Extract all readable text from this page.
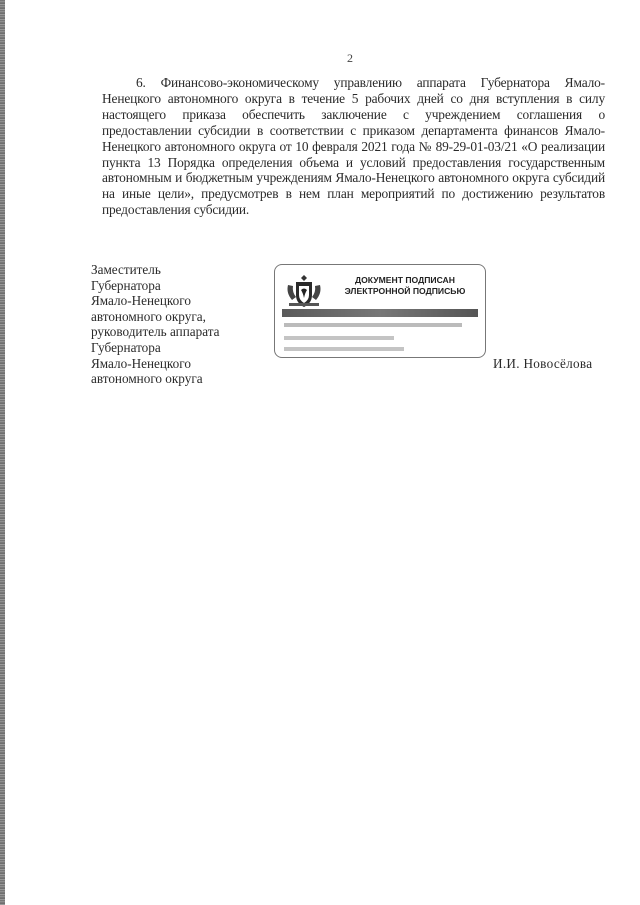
2
6. Финансово-экономическому управлению аппарата Губернатора Ямало-Ненецкого автономного округа в течение 5 рабочих дней со дня вступления в силу настоящего приказа обеспечить заключение с учреждением соглашения о предоставлении субсидии в соответствии с приказом департамента финансов Ямало-Ненецкого автономного округа от 10 февраля 2021 года № 89-29-01-03/21 «О реализации пункта 13 Порядка определения объема и условий предоставления государственным автономным и бюджетным учреждениям Ямало-Ненецкого автономного округа субсидий на иные цели», предусмотрев в нем план мероприятий по достижению результатов предоставления субсидии.
Заместитель
Губернатора
Ямало-Ненецкого
автономного округа,
руководитель аппарата
Губернатора
Ямало-Ненецкого
автономного округа
ДОКУМЕНТ ПОДПИСАН
ЭЛЕКТРОННОЙ ПОДПИСЬЮ
И.И. Новосёлова
